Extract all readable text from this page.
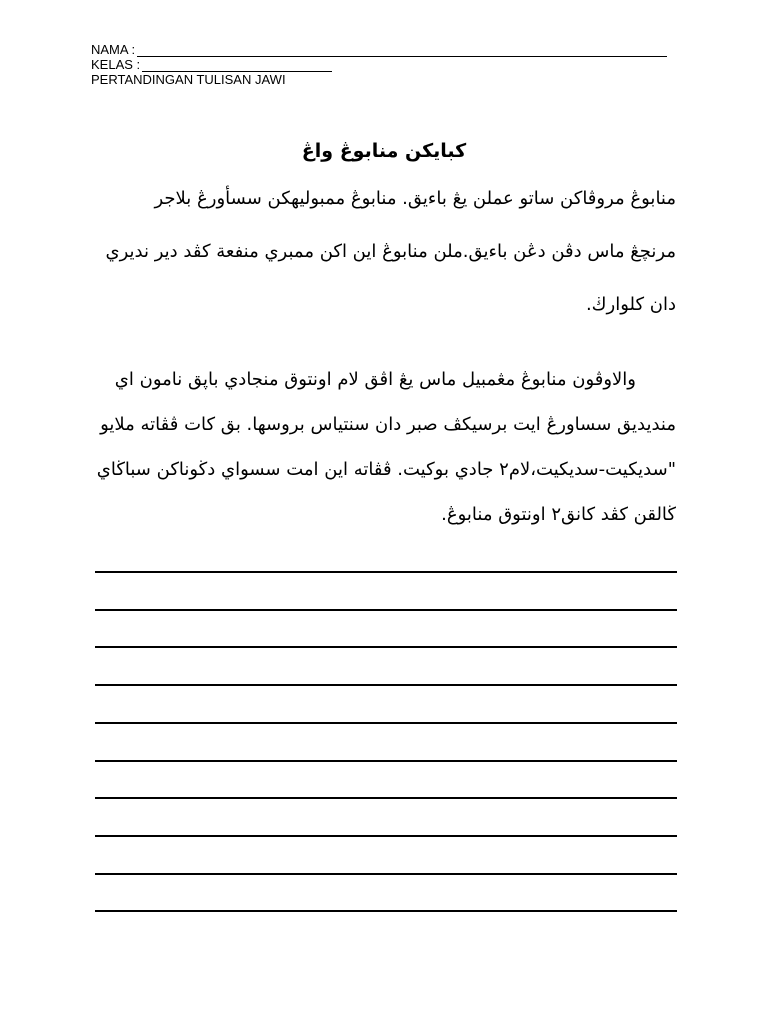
NAMA :
KELAS :
PERTANDINGAN TULISAN JAWI
كبايكن منابوڠ واڠ
منابوڠ مروڤاكن ساتو عملن يڠ باءيق. منابوڠ ممبوليهكن سسأورڠ بلاجر
مرنچڠ ماس دڤن دڠن باءيق.ملن منابوڠ اين اكن ممبري منفعة كڤد دير ندیري
دان كلوارڬ.
والاوڤون منابوڠ مڠمبيل ماس يڠ اڤق لام اونتوق منجادي باڽق نامون اي
منديديق سساورڠ ايت برسيكڤ صبر دان سنتياس بروسها. بق كات ڤڤاته ملايو
"سديكيت-سديكيت،لام٢ جادي بوكيت. ڤڤاته اين امت سسواي دڬوناكن سباڬاي
ڬالقن كڤد كانق٢ اونتوق منابوڠ.
